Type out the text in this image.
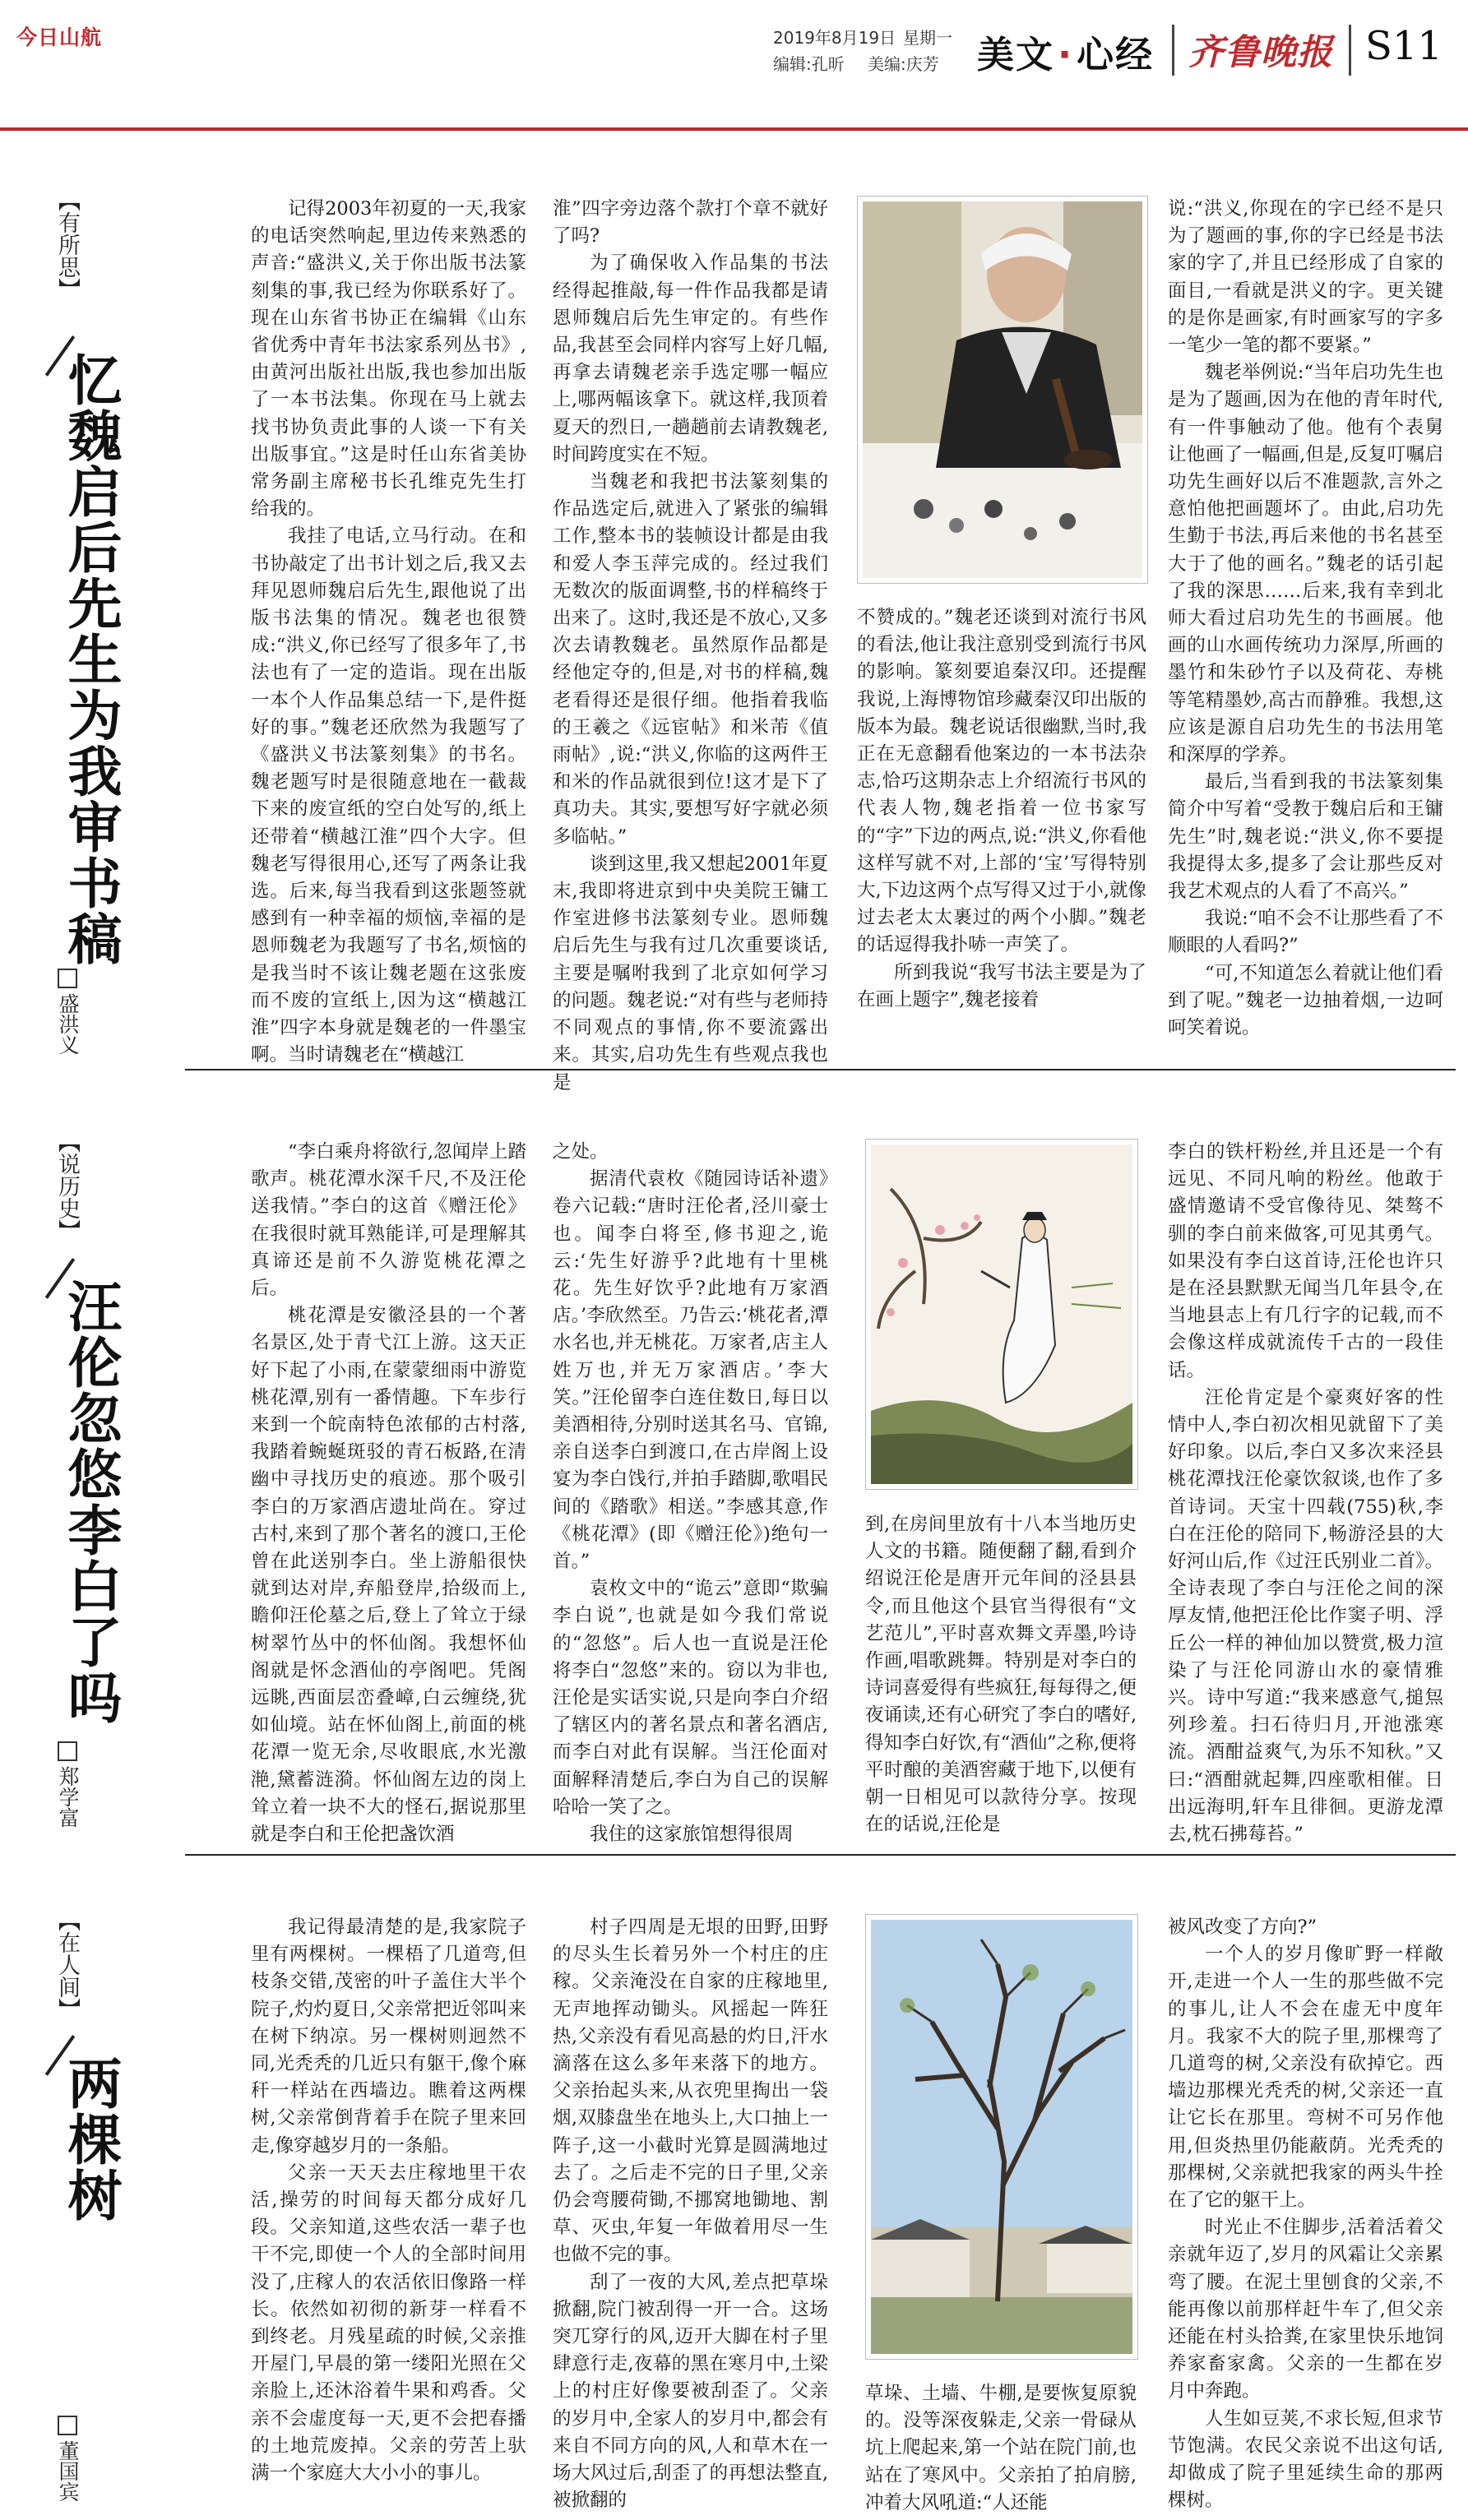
今日山航	2019年8月19日 星期一
编辑:孔昕 美编:庆芳 美文·心经 齐鲁晚报 S11
【有所思】
忆魏启后先生为我审书稿
盛洪义

记得2003年初夏的一天,我家的电话突然响起,里边传来熟悉的声音:“盛洪义,关于你出版书法篆刻集的事,我已经为你联系好了。现在山东省书协正在编辑《山东省优秀中青年书法家系列丛书》,由黄河出版社出版,我也参加出版了一本书法集。你现在马上就去找书协负责此事的人谈一下有关出版事宜。”这是时任山东省美协常务副主席秘书长孔维克先生打给我的。

我挂了电话,立马行动。在和书协敲定了出书计划之后,我又去拜见恩师魏启后先生,跟他说了出版书法集的情况。魏老也很赞成:“洪义,你已经写了很多年了,书法也有了一定的造诣。现在出版一本个人作品集总结一下,是件挺好的事。”魏老还欣然为我题写了《盛洪义书法篆刻集》的书名。魏老题写时是很随意地在一截裁下来的废宣纸的空白处写的,纸上还带着“横越江淮”四个大字。但魏老写得很用心,还写了两条让我选。后来,每当我看到这张题签就感到有一种幸福的烦恼,幸福的是恩师魏老为我题写了书名,烦恼的是我当时不该让魏老题在这张废而不废的宣纸上,因为这“横越江淮”四字本身就是魏老的一件墨宝啊。当时请魏老在“横越江

淮”四字旁边落个款打个章不就好了吗?

为了确保收入作品集的书法经得起推敲,每一件作品我都是请恩师魏启后先生审定的。有些作品,我甚至会同样内容写上好几幅,再拿去请魏老亲手选定哪一幅应上,哪两幅该拿下。就这样,我顶着夏天的烈日,一趟趟前去请教魏老,时间跨度实在不短。

当魏老和我把书法篆刻集的作品选定后,就进入了紧张的编辑工作,整本书的装帧设计都是由我和爱人李玉萍完成的。经过我们无数次的版面调整,书的样稿终于出来了。这时,我还是不放心,又多次去请教魏老。虽然原作品都是经他定夺的,但是,对书的样稿,魏老看得还是很仔细。他指着我临的王羲之《远宦帖》和米芾《值雨帖》,说:“洪义,你临的这两件王和米的作品就很到位!这才是下了真功夫。其实,要想写好字就必须多临帖。”

谈到这里,我又想起2001年夏末,我即将进京到中央美院王镛工作室进修书法篆刻专业。恩师魏启后先生与我有过几次重要谈话,主要是嘱咐我到了北京如何学习的问题。魏老说:“对有些与老师持不同观点的事情,你不要流露出来。其实,启功先生有些观点我也是

不赞成的。”魏老还谈到对流行书风的看法,他让我注意别受到流行书风的影响。篆刻要追秦汉印。还提醒我说,上海博物馆珍藏秦汉印出版的版本为最。魏老说话很幽默,当时,我正在无意翻看他案边的一本书法杂志,恰巧这期杂志上介绍流行书风的代表人物,魏老指着一位书家写的“字”下边的两点,说:“洪义,你看他这样写就不对,上部的‘宝’写得特别大,下边这两个点写得又过于小,就像过去老太太裹过的两个小脚。”魏老的话逗得我扑哧一声笑了。

所到我说“我写书法主要是为了在画上题字”,魏老接着

说:“洪义,你现在的字已经不是只为了题画的事,你的字已经是书法家的字了,并且已经形成了自家的面目,一看就是洪义的字。更关键的是你是画家,有时画家写的字多一笔少一笔的都不要紧。”

魏老举例说:“当年启功先生也是为了题画,因为在他的青年时代,有一件事触动了他。他有个表舅让他画了一幅画,但是,反复叮嘱启功先生画好以后不准题款,言外之意怕他把画题坏了。由此,启功先生勤于书法,再后来他的书名甚至大于了他的画名。”魏老的话引起了我的深思……后来,我有幸到北师大看过启功先生的书画展。他画的山水画传统功力深厚,所画的墨竹和朱砂竹子以及荷花、寿桃等笔精墨妙,高古而静雅。我想,这应该是源自启功先生的书法用笔和深厚的学养。

最后,当看到我的书法篆刻集简介中写着“受教于魏启后和王镛先生”时,魏老说:“洪义,你不要提我提得太多,提多了会让那些反对我艺术观点的人看了不高兴。”

我说:“咱不会不让那些看了不顺眼的人看吗?”

“可,不知道怎么着就让他们看到了呢。”魏老一边抽着烟,一边呵呵笑着说。

【说历史】
汪伦忽悠李白了吗
郑学富

“李白乘舟将欲行,忽闻岸上踏歌声。桃花潭水深千尺,不及汪伦送我情。”李白的这首《赠汪伦》在我很时就耳熟能详,可是理解其真谛还是前不久游览桃花潭之后。

桃花潭是安徽泾县的一个著名景区,处于青弋江上游。这天正好下起了小雨,在蒙蒙细雨中游览桃花潭,别有一番情趣。下车步行来到一个皖南特色浓郁的古村落,我踏着蜿蜒斑驳的青石板路,在清幽中寻找历史的痕迹。那个吸引李白的万家酒店遗址尚在。穿过古村,来到了那个著名的渡口,王伦曾在此送别李白。坐上游船很快就到达对岸,弃船登岸,拾级而上,瞻仰汪伦墓之后,登上了耸立于绿树翠竹丛中的怀仙阁。我想怀仙阁就是怀念酒仙的亭阁吧。凭阁远眺,西面层峦叠嶂,白云缠绕,犹如仙境。站在怀仙阁上,前面的桃花潭一览无余,尽收眼底,水光激滟,黛蓄涟漪。怀仙阁左边的岗上耸立着一块不大的怪石,据说那里就是李白和王伦把盏饮酒

之处。

据清代袁枚《随园诗话补遗》卷六记载:“唐时汪伦者,泾川豪士也。闻李白将至,修书迎之,诡云:‘先生好游乎?此地有十里桃花。先生好饮乎?此地有万家酒店。’李欣然至。乃告云:‘桃花者,潭水名也,并无桃花。万家者,店主人姓万也,并无万家酒店。’李大笑。”汪伦留李白连住数日,每日以美酒相待,分别时送其名马、官锦,亲自送李白到渡口,在古岸阁上设宴为李白饯行,并拍手踏脚,歌唱民间的《踏歌》相送。”李感其意,作《桃花潭》(即《赠汪伦》)绝句一首。”

袁枚文中的“诡云”意即“欺骗李白说”,也就是如今我们常说的“忽悠”。后人也一直说是汪伦将李白“忽悠”来的。窃以为非也,汪伦是实话实说,只是向李白介绍了辖区内的著名景点和著名酒店,而李白对此有误解。当汪伦面对面解释清楚后,李白为自己的误解哈哈一笑了之。

我住的这家旅馆想得很周

到,在房间里放有十八本当地历史人文的书籍。随便翻了翻,看到介绍说汪伦是唐开元年间的泾县县令,而且他这个县官当得很有“文艺范儿”,平时喜欢舞文弄墨,吟诗作画,唱歌跳舞。特别是对李白的诗词喜爱得有些疯狂,每每得之,便夜诵读,还有心研究了李白的嗜好,得知李白好饮,有“酒仙”之称,便将平时酿的美酒窖藏于地下,以便有朝一日相见可以款待分享。按现在的话说,汪伦是

李白的铁杆粉丝,并且还是一个有远见、不同凡响的粉丝。他敢于盛情邀请不受官像待见、桀骜不驯的李白前来做客,可见其勇气。如果没有李白这首诗,汪伦也许只是在泾县默默无闻当几年县令,在当地县志上有几行字的记载,而不会像这样成就流传千古的一段佳话。

汪伦肯定是个豪爽好客的性情中人,李白初次相见就留下了美好印象。以后,李白又多次来泾县桃花潭找汪伦豪饮叙谈,也作了多首诗词。天宝十四载(755)秋,李白在汪伦的陪同下,畅游泾县的大好河山后,作《过汪氏别业二首》。全诗表现了李白与汪伦之间的深厚友情,他把汪伦比作窦子明、浮丘公一样的神仙加以赞赏,极力渲染了与汪伦同游山水的豪情雅兴。诗中写道:“我来感意气,搥炰列珍羞。扫石待归月,开池涨寒流。酒酣益爽气,为乐不知秋。”又曰:“酒酣就起舞,四座歌相催。日出远海明,轩车且徘徊。更游龙潭去,枕石拂莓苔。”

【在人间】
两棵树
董国宾

我记得最清楚的是,我家院子里有两棵树。一棵梧了几道弯,但枝条交错,茂密的叶子盖住大半个院子,灼灼夏日,父亲常把近邻叫来在树下纳凉。另一棵树则迥然不同,光秃秃的几近只有躯干,像个麻秆一样站在西墙边。瞧着这两棵树,父亲常倒背着手在院子里来回走,像穿越岁月的一条船。

父亲一天天去庄稼地里干农活,操劳的时间每天都分成好几段。父亲知道,这些农活一辈子也干不完,即使一个人的全部时间用没了,庄稼人的农活依旧像路一样长。依然如初彻的新芽一样看不到终老。月残星疏的时候,父亲推开屋门,早晨的第一缕阳光照在父亲脸上,还沐浴着牛果和鸡香。父亲不会虚度每一天,更不会把春播的土地荒废掉。父亲的劳苦上驮满一个家庭大大小小的事儿。

村子四周是无垠的田野,田野的尽头生长着另外一个村庄的庄稼。父亲淹没在自家的庄稼地里,无声地挥动锄头。风摇起一阵狂热,父亲没有看见高悬的灼日,汗水滴落在这么多年来落下的地方。父亲抬起头来,从衣兜里掏出一袋烟,双膝盘坐在地头上,大口抽上一阵子,这一小截时光算是圆满地过去了。之后走不完的日子里,父亲仍会弯腰荷锄,不挪窝地锄地、割草、灭虫,年复一年做着用尽一生也做不完的事。

刮了一夜的大风,差点把草垛掀翻,院门被刮得一开一合。这场突兀穿行的风,迈开大脚在村子里肆意行走,夜幕的黑在寒月中,土梁上的村庄好像要被刮歪了。父亲的岁月中,全家人的岁月中,都会有来自不同方向的风,人和草木在一场大风过后,刮歪了的再想法整直,被掀翻的

草垛、土墙、牛棚,是要恢复原貌的。没等深夜躲走,父亲一骨碌从坑上爬起来,第一个站在院门前,也站在了寒风中。父亲拍了拍肩膀,冲着大风吼道:“人还能

被风改变了方向?”

一个人的岁月像旷野一样敞开,走进一个人一生的那些做不完的事儿,让人不会在虚无中度年月。我家不大的院子里,那棵弯了几道弯的树,父亲没有砍掉它。西墙边那棵光秃秃的树,父亲还一直让它长在那里。弯树不可另作他用,但炎热里仍能蔽荫。光秃秃的那棵树,父亲就把我家的两头牛拴在了它的躯干上。

时光止不住脚步,活着活着父亲就年迈了,岁月的风霜让父亲累弯了腰。在泥土里刨食的父亲,不能再像以前那样赶牛车了,但父亲还能在村头拾粪,在家里快乐地饲养家畜家禽。父亲的一生都在岁月中奔跑。

人生如豆荚,不求长短,但求节节饱满。农民父亲说不出这句话,却做成了院子里延续生命的那两棵树。
